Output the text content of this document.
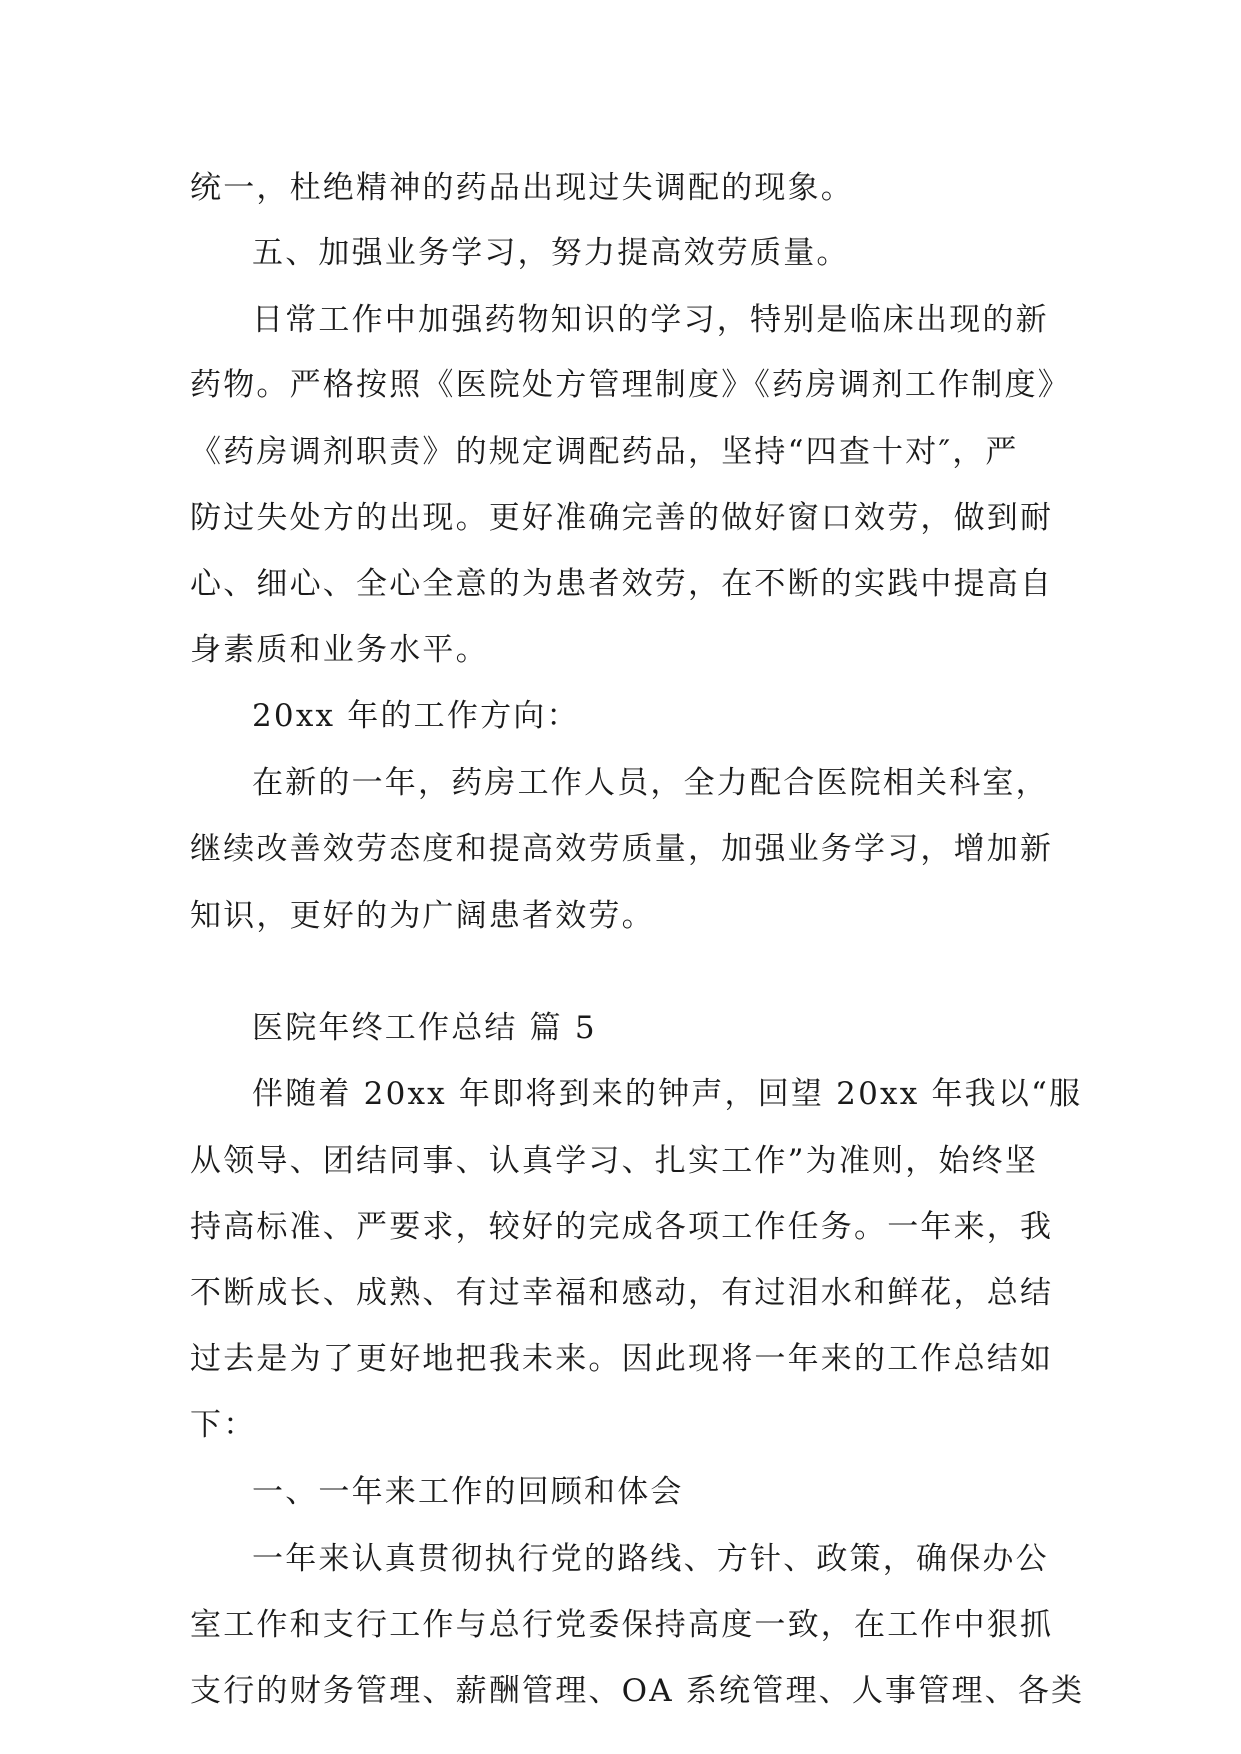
统一，杜绝精神的药品出现过失调配的现象。
五、加强业务学习，努力提高效劳质量。
日常工作中加强药物知识的学习，特别是临床出现的新
药物。严格按照《医院处方管理制度》《药房调剂工作制度》
《药房调剂职责》的规定调配药品，坚持“四查十对″，严
防过失处方的出现。更好准确完善的做好窗口效劳，做到耐
心、细心、全心全意的为患者效劳，在不断的实践中提高自
身素质和业务水平。
20xx 年的工作方向：
在新的一年，药房工作人员，全力配合医院相关科室，
继续改善效劳态度和提高效劳质量，加强业务学习，增加新
知识，更好的为广阔患者效劳。
医院年终工作总结 篇 5
伴随着 20xx 年即将到来的钟声，回望 20xx 年我以“服
从领导、团结同事、认真学习、扎实工作”为准则，始终坚
持高标准、严要求，较好的完成各项工作任务。一年来，我
不断成长、成熟、有过幸福和感动，有过泪水和鲜花，总结
过去是为了更好地把我未来。因此现将一年来的工作总结如
下：
一、一年来工作的回顾和体会
一年来认真贯彻执行党的路线、方针、政策，确保办公
室工作和支行工作与总行党委保持高度一致，在工作中狠抓
支行的财务管理、薪酬管理、OA 系统管理、人事管理、各类
